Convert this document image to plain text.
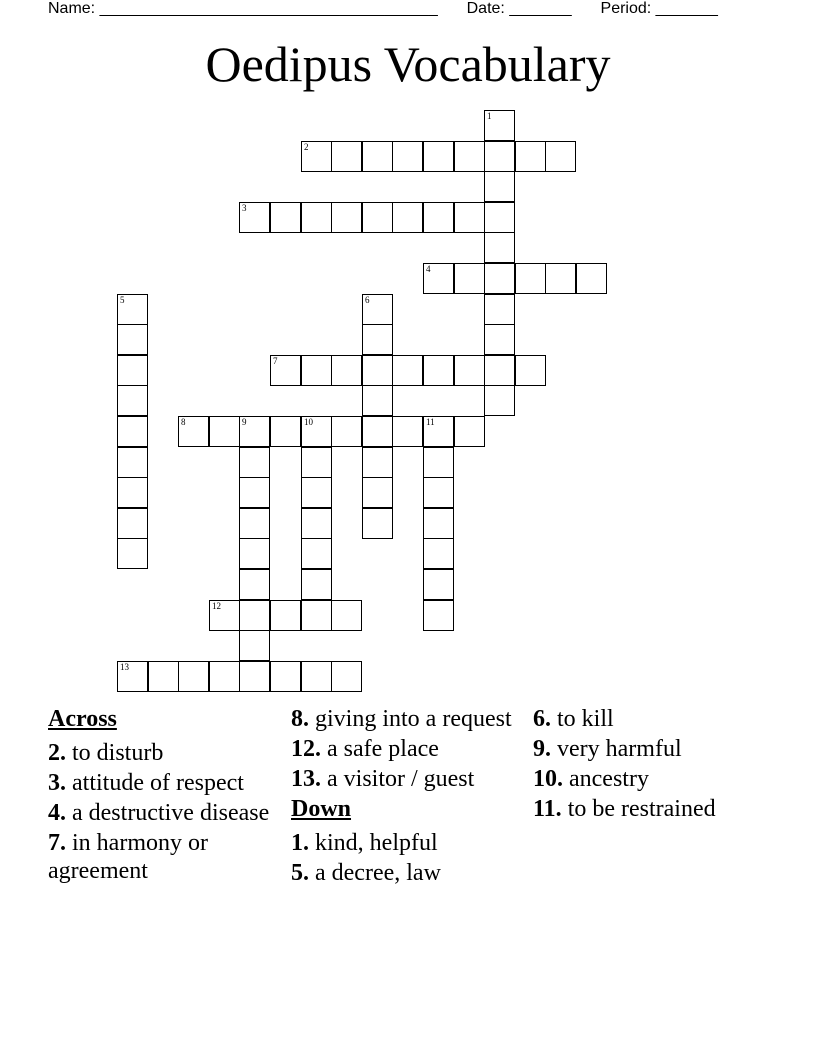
Name: ______________________________________ Date: _______ Period: _______
Oedipus Vocabulary
1
2
3
4
5	6
7
8	9	10	11
12
13
Across
2. to disturb
3. attitude of respect
4. a destructive disease
7. in harmony or agreement
8. giving into a request
12. a safe place
13. a visitor / guest
Down
1. kind, helpful
5. a decree, law
6. to kill
9. very harmful
10. ancestry
11. to be restrained
